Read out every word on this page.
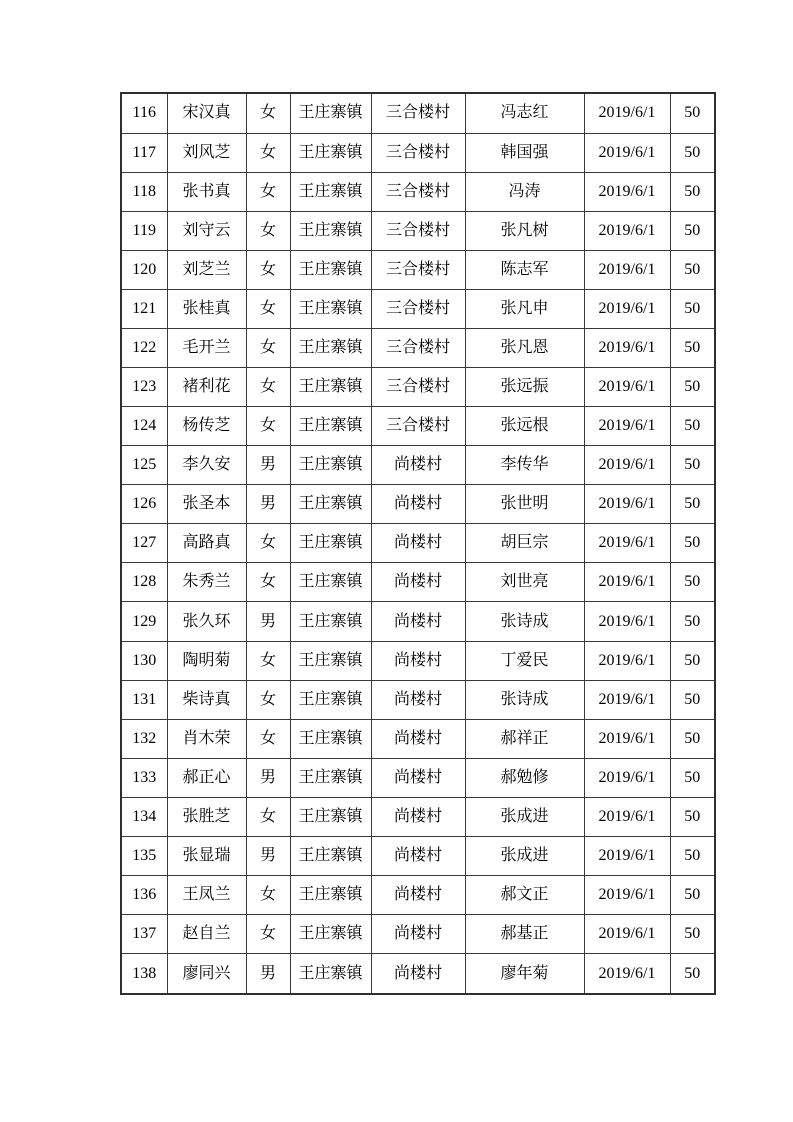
116	宋汉真	女	王庄寨镇	三合楼村	冯志红	2019/6/1	50
117	刘风芝	女	王庄寨镇	三合楼村	韩国强	2019/6/1	50
118	张书真	女	王庄寨镇	三合楼村	冯涛	2019/6/1	50
119	刘守云	女	王庄寨镇	三合楼村	张凡树	2019/6/1	50
120	刘芝兰	女	王庄寨镇	三合楼村	陈志军	2019/6/1	50
121	张桂真	女	王庄寨镇	三合楼村	张凡申	2019/6/1	50
122	毛开兰	女	王庄寨镇	三合楼村	张凡恩	2019/6/1	50
123	褚利花	女	王庄寨镇	三合楼村	张远振	2019/6/1	50
124	杨传芝	女	王庄寨镇	三合楼村	张远根	2019/6/1	50
125	李久安	男	王庄寨镇	尚楼村	李传华	2019/6/1	50
126	张圣本	男	王庄寨镇	尚楼村	张世明	2019/6/1	50
127	高路真	女	王庄寨镇	尚楼村	胡巨宗	2019/6/1	50
128	朱秀兰	女	王庄寨镇	尚楼村	刘世亮	2019/6/1	50
129	张久环	男	王庄寨镇	尚楼村	张诗成	2019/6/1	50
130	陶明菊	女	王庄寨镇	尚楼村	丁爱民	2019/6/1	50
131	柴诗真	女	王庄寨镇	尚楼村	张诗成	2019/6/1	50
132	肖木荣	女	王庄寨镇	尚楼村	郝祥正	2019/6/1	50
133	郝正心	男	王庄寨镇	尚楼村	郝勉修	2019/6/1	50
134	张胜芝	女	王庄寨镇	尚楼村	张成进	2019/6/1	50
135	张显瑞	男	王庄寨镇	尚楼村	张成进	2019/6/1	50
136	王凤兰	女	王庄寨镇	尚楼村	郝文正	2019/6/1	50
137	赵自兰	女	王庄寨镇	尚楼村	郝基正	2019/6/1	50
138	廖同兴	男	王庄寨镇	尚楼村	廖年菊	2019/6/1	50
